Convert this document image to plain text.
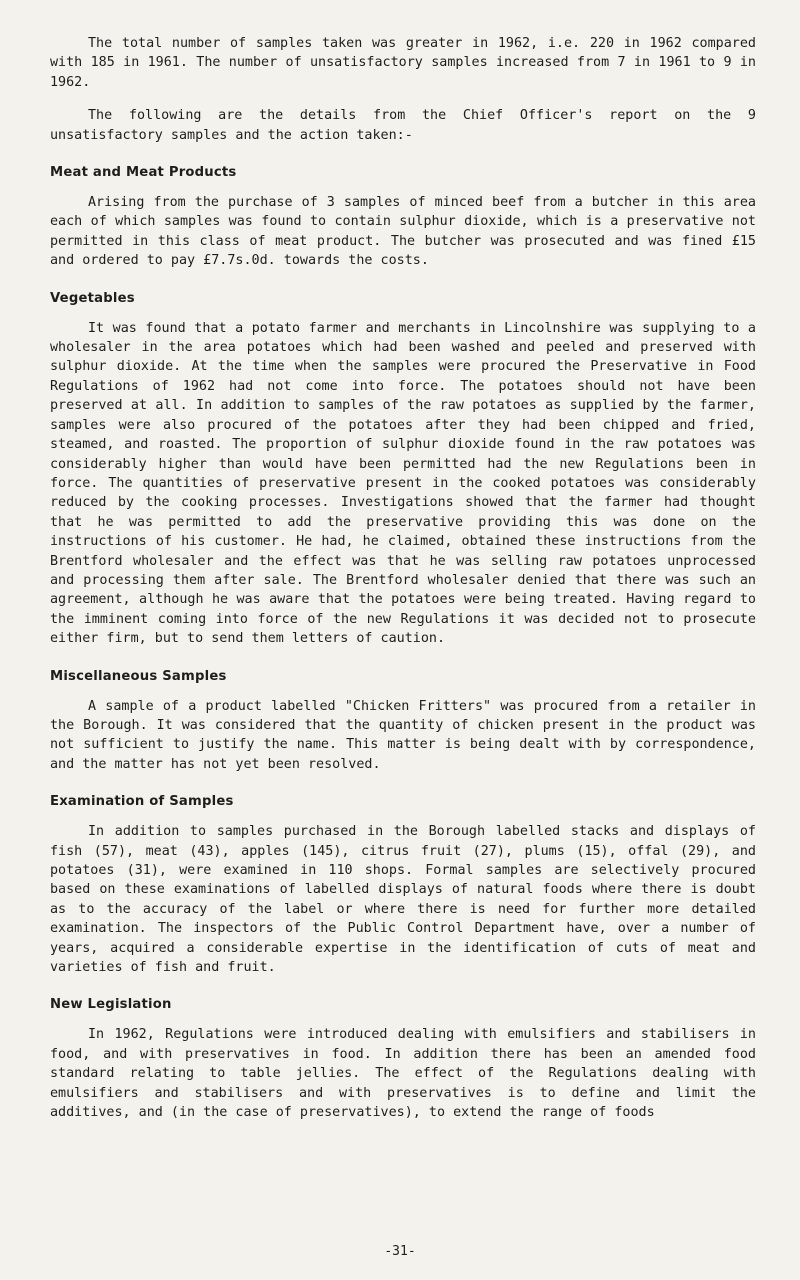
The total number of samples taken was greater in 1962, i.e. 220 in 1962 compared with 185 in 1961. The number of unsatisfactory samples increased from 7 in 1961 to 9 in 1962.

The following are the details from the Chief Officer's report on the 9 unsatisfactory samples and the action taken:-

Meat and Meat Products

Arising from the purchase of 3 samples of minced beef from a butcher in this area each of which samples was found to contain sulphur dioxide, which is a preservative not permitted in this class of meat product. The butcher was prosecuted and was fined £15 and ordered to pay £7.7s.0d. towards the costs.

Vegetables

It was found that a potato farmer and merchants in Lincolnshire was supplying to a wholesaler in the area potatoes which had been washed and peeled and preserved with sulphur dioxide. At the time when the samples were procured the Preservative in Food Regulations of 1962 had not come into force. The potatoes should not have been preserved at all. In addition to samples of the raw potatoes as supplied by the farmer, samples were also procured of the potatoes after they had been chipped and fried, steamed, and roasted. The proportion of sulphur dioxide found in the raw potatoes was considerably higher than would have been permitted had the new Regulations been in force. The quantities of preservative present in the cooked potatoes was considerably reduced by the cooking processes. Investigations showed that the farmer had thought that he was permitted to add the preservative providing this was done on the instructions of his customer. He had, he claimed, obtained these instructions from the Brentford wholesaler and the effect was that he was selling raw potatoes unprocessed and processing them after sale. The Brentford wholesaler denied that there was such an agreement, although he was aware that the potatoes were being treated. Having regard to the imminent coming into force of the new Regulations it was decided not to prosecute either firm, but to send them letters of caution.

Miscellaneous Samples

A sample of a product labelled "Chicken Fritters" was procured from a retailer in the Borough. It was considered that the quantity of chicken present in the product was not sufficient to justify the name. This matter is being dealt with by correspondence, and the matter has not yet been resolved.

Examination of Samples

In addition to samples purchased in the Borough labelled stacks and displays of fish (57), meat (43), apples (145), citrus fruit (27), plums (15), offal (29), and potatoes (31), were examined in 110 shops. Formal samples are selectively procured based on these examinations of labelled displays of natural foods where there is doubt as to the accuracy of the label or where there is need for further more detailed examination. The inspectors of the Public Control Department have, over a number of years, acquired a considerable expertise in the identification of cuts of meat and varieties of fish and fruit.

New Legislation

In 1962, Regulations were introduced dealing with emulsifiers and stabilisers in food, and with preservatives in food. In addition there has been an amended food standard relating to table jellies. The effect of the Regulations dealing with emulsifiers and stabilisers and with preservatives is to define and limit the additives, and (in the case of preservatives), to extend the range of foods

-31-
